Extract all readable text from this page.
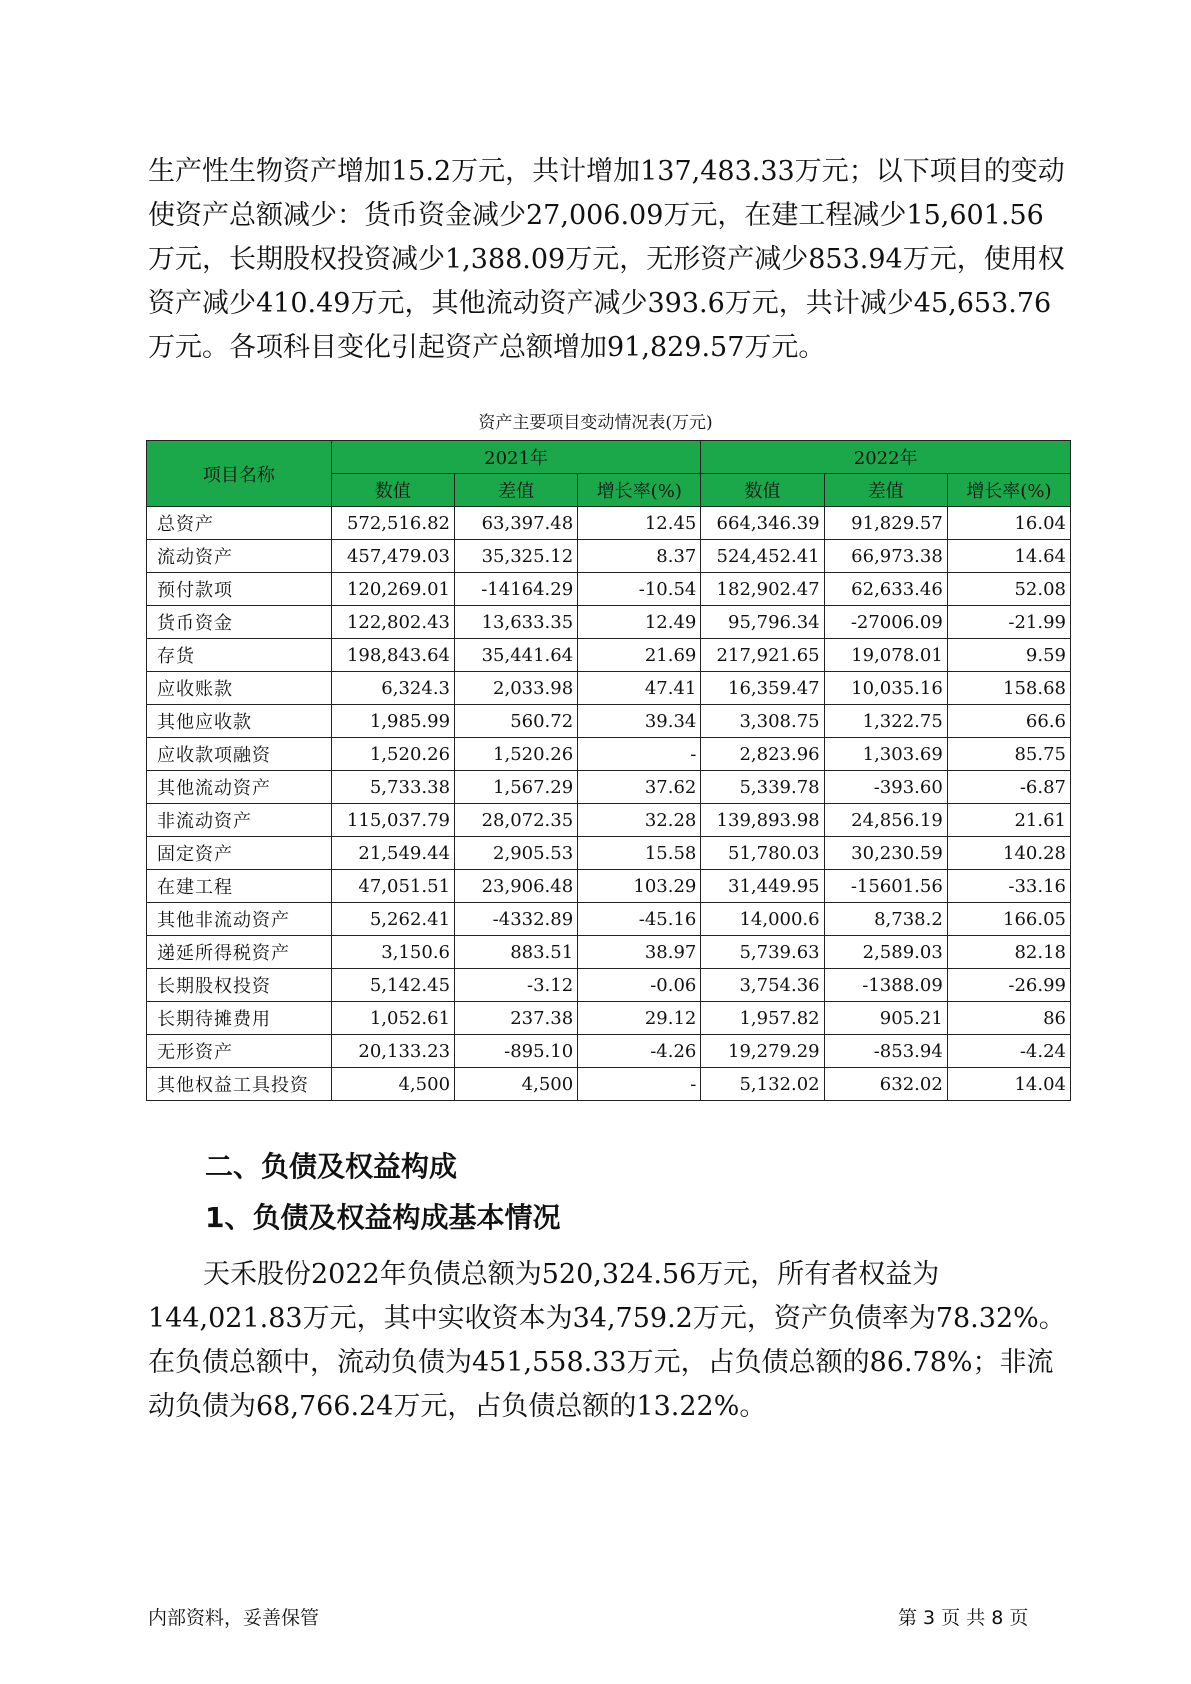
生产性生物资产增加15.2万元，共计增加137,483.33万元；以下项目的变动使资产总额减少：货币资金减少27,006.09万元，在建工程减少15,601.56万元，长期股权投资减少1,388.09万元，无形资产减少853.94万元，使用权资产减少410.49万元，其他流动资产减少393.6万元，共计减少45,653.76万元。各项科目变化引起资产总额增加91,829.57万元。

资产主要项目变动情况表(万元)
项目名称	2021年			2022年		
	数值	差值	增长率(%)	数值	差值	增长率(%)
总资产	572,516.82	63,397.48	12.45	664,346.39	91,829.57	16.04
流动资产	457,479.03	35,325.12	8.37	524,452.41	66,973.38	14.64
预付款项	120,269.01	-14164.29	-10.54	182,902.47	62,633.46	52.08
货币资金	122,802.43	13,633.35	12.49	95,796.34	-27006.09	-21.99
存货	198,843.64	35,441.64	21.69	217,921.65	19,078.01	9.59
应收账款	6,324.3	2,033.98	47.41	16,359.47	10,035.16	158.68
其他应收款	1,985.99	560.72	39.34	3,308.75	1,322.75	66.6
应收款项融资	1,520.26	1,520.26	-	2,823.96	1,303.69	85.75
其他流动资产	5,733.38	1,567.29	37.62	5,339.78	-393.60	-6.87
非流动资产	115,037.79	28,072.35	32.28	139,893.98	24,856.19	21.61
固定资产	21,549.44	2,905.53	15.58	51,780.03	30,230.59	140.28
在建工程	47,051.51	23,906.48	103.29	31,449.95	-15601.56	-33.16
其他非流动资产	5,262.41	-4332.89	-45.16	14,000.6	8,738.2	166.05
递延所得税资产	3,150.6	883.51	38.97	5,739.63	2,589.03	82.18
长期股权投资	5,142.45	-3.12	-0.06	3,754.36	-1388.09	-26.99
长期待摊费用	1,052.61	237.38	29.12	1,957.82	905.21	86
无形资产	20,133.23	-895.10	-4.26	19,279.29	-853.94	-4.24
其他权益工具投资	4,500	4,500	-	5,132.02	632.02	14.04
二、负债及权益构成
1、负债及权益构成基本情况

天禾股份2022年负债总额为520,324.56万元，所有者权益为144,021.83万元，其中实收资本为34,759.2万元，资产负债率为78.32%。在负债总额中，流动负债为451,558.33万元，占负债总额的86.78%；非流动负债为68,766.24万元，占负债总额的13.22%。

内部资料，妥善保管	第 3 页 共 8 页
